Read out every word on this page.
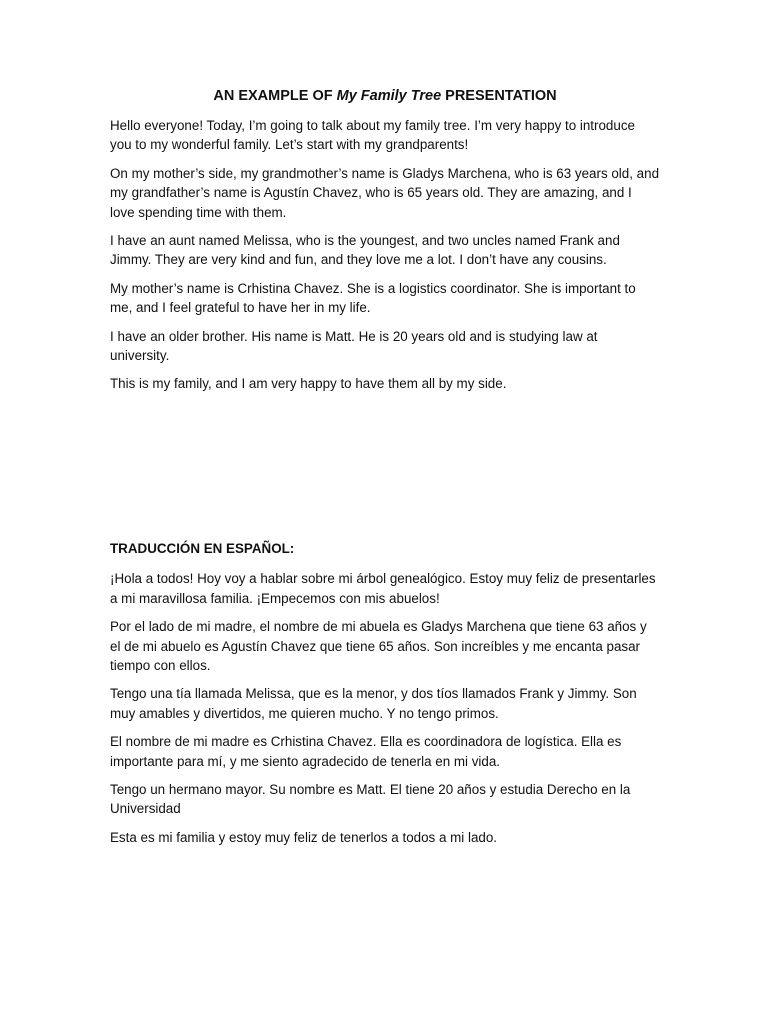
AN EXAMPLE OF My Family Tree PRESENTATION

Hello everyone! Today, I’m going to talk about my family tree. I’m very happy to introduce you to my wonderful family. Let’s start with my grandparents!

On my mother’s side, my grandmother’s name is Gladys Marchena, who is 63 years old, and my grandfather’s name is Agustín Chavez, who is 65 years old. They are amazing, and I love spending time with them.

I have an aunt named Melissa, who is the youngest, and two uncles named Frank and Jimmy. They are very kind and fun, and they love me a lot. I don’t have any cousins.

My mother’s name is Crhistina Chavez. She is a logistics coordinator. She is important to me, and I feel grateful to have her in my life.

I have an older brother. His name is Matt. He is 20 years old and is studying law at university.

This is my family, and I am very happy to have them all by my side.

TRADUCCIÓN EN ESPAÑOL:

¡Hola a todos! Hoy voy a hablar sobre mi árbol genealógico. Estoy muy feliz de presentarles a mi maravillosa familia. ¡Empecemos con mis abuelos!

Por el lado de mi madre, el nombre de mi abuela es Gladys Marchena que tiene 63 años y el de mi abuelo es Agustín Chavez que tiene 65 años. Son increíbles y me encanta pasar tiempo con ellos.

Tengo una tía llamada Melissa, que es la menor, y dos tíos llamados Frank y Jimmy. Son muy amables y divertidos, me quieren mucho. Y no tengo primos.

El nombre de mi madre es Crhistina Chavez. Ella es coordinadora de logística. Ella es importante para mí, y me siento agradecido de tenerla en mi vida.

Tengo un hermano mayor. Su nombre es Matt. El tiene 20 años y estudia Derecho en la Universidad

Esta es mi familia y estoy muy feliz de tenerlos a todos a mi lado.
